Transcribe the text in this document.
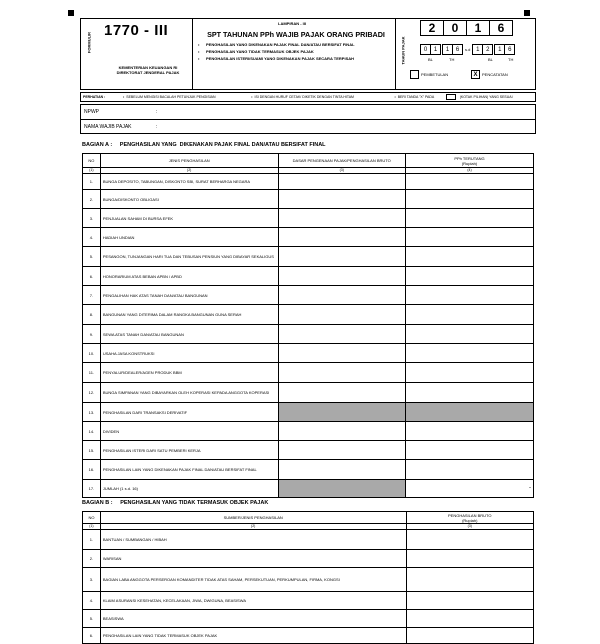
FORMULIR
1770 - III
KEMENTERIAN KEUANGAN RI
DIREKTORAT JENDERAL PAJAK
LAMPIRAN - III
SPT TAHUNAN PPh WAJIB PAJAK ORANG PRIBADI
•	PENGHASILAN YANG DIKENAKAN PAJAK FINAL DAN/ATAU BERSIFAT FINAL
•	PENGHASILAN YANG TIDAK TERMASUK OBJEK PAJAK
•	PENGHASILAN ISTERI/SUAMI YANG DIKENAKAN PAJAK SECARA TERPISAH	TAHUN PAJAK
2	0	1	6
0	1	1	6	s.d 1	2	1	6
BL	TH	BL	TH
PEMBETULAN	X	PENCATATAN
PERHATIAN :	• SEBELUM MENGISI BACALAH PETUNJUK PENGISIAN	• ISI DENGAN HURUF CETAK/ DIKETIK DENGAN TINTA HITAM	• BERI TANDA "X" PADA	(KOTAK PILIHAN) YANG SESUAI
NPWP	:
NAMA WAJIB PAJAK	:
BAGIAN A :     PENGHASILAN YANG  DIKENAKAN PAJAK FINAL DAN/ATAU BERSIFAT FINAL
NO	JENIS PENGHASILAN	DASAR PENGENAAN PAJAK/PENGHASILAN BRUTO	PPh TERUTANG
(Rupiah)
(1)	(2)	(3)	(4)
1.	BUNGA DEPOSITO, TABUNGAN, DISKONTO SBI, SURAT BERHARGA NEGARA		
2.	BUNGA/DISKONTO OBLIGASI		
3.	PENJUALAN SAHAM DI BURSA EFEK		
4.	HADIAH UNDIAN		
5.	PESANGON, TUNJANGAN HARI TUA DAN TEBUSAN PENSIUN YANG DIBAYAR SEKALIGUS		
6.	HONORARIUM ATAS BEBAN APBN / APBD		
7.	PENGALIHAN HAK ATAS TANAH DAN/ATAU BANGUNAN		
8.	BANGUNAN YANG DITERIMA DALAM RANGKA BANGUNAN GUNA SERAH		
9.	SEWA ATAS TANAH DAN/ATAU BANGUNAN		
10.	USAHA JASA KONSTRUKSI		
11.	PENYALUR/DEALER/AGEN PRODUK BBM		
12.	BUNGA SIMPANAN YANG DIBAYARKAN OLEH KOPERASI KEPADA ANGGOTA KOPERASI		
13.	PENGHASILAN DARI TRANSAKSI DERIVATIF		
14.	DIVIDEN		
15.	PENGHASILAN ISTERI DARI SATU PEMBERI KERJA		
16.	PENGHASILAN LAIN YANG DIKENAKAN PAJAK FINAL DAN/ATAU BERSIFAT FINAL		
17.	JUMLAH (1 s.d. 16)		-
BAGIAN B :     PENGHASILAN YANG TIDAK TERMASUK OBJEK PAJAK
NO	SUMBER/JENIS PENGHASILAN	PENGHASILAN BRUTO
(Rupiah)
(1)	(2)	(3)
1.	BANTUAN / SUMBANGAN / HIBAH	
2.	WARISAN	
3.	BAGIAN LABA ANGGOTA PERSEROAN KOMANDITER TIDAK ATAS SAHAM, PERSEKUTUAN, PERKUMPULAN, FIRMA, KONGSI	
4.	KLAIM ASURANSI KESEHATAN, KECELAKAAN, JIWA, DWIGUNA, BEASISWA	
5.	BEASISWA	
6.	PENGHASILAN LAIN YANG TIDAK TERMASUK OBJEK PAJAK	
